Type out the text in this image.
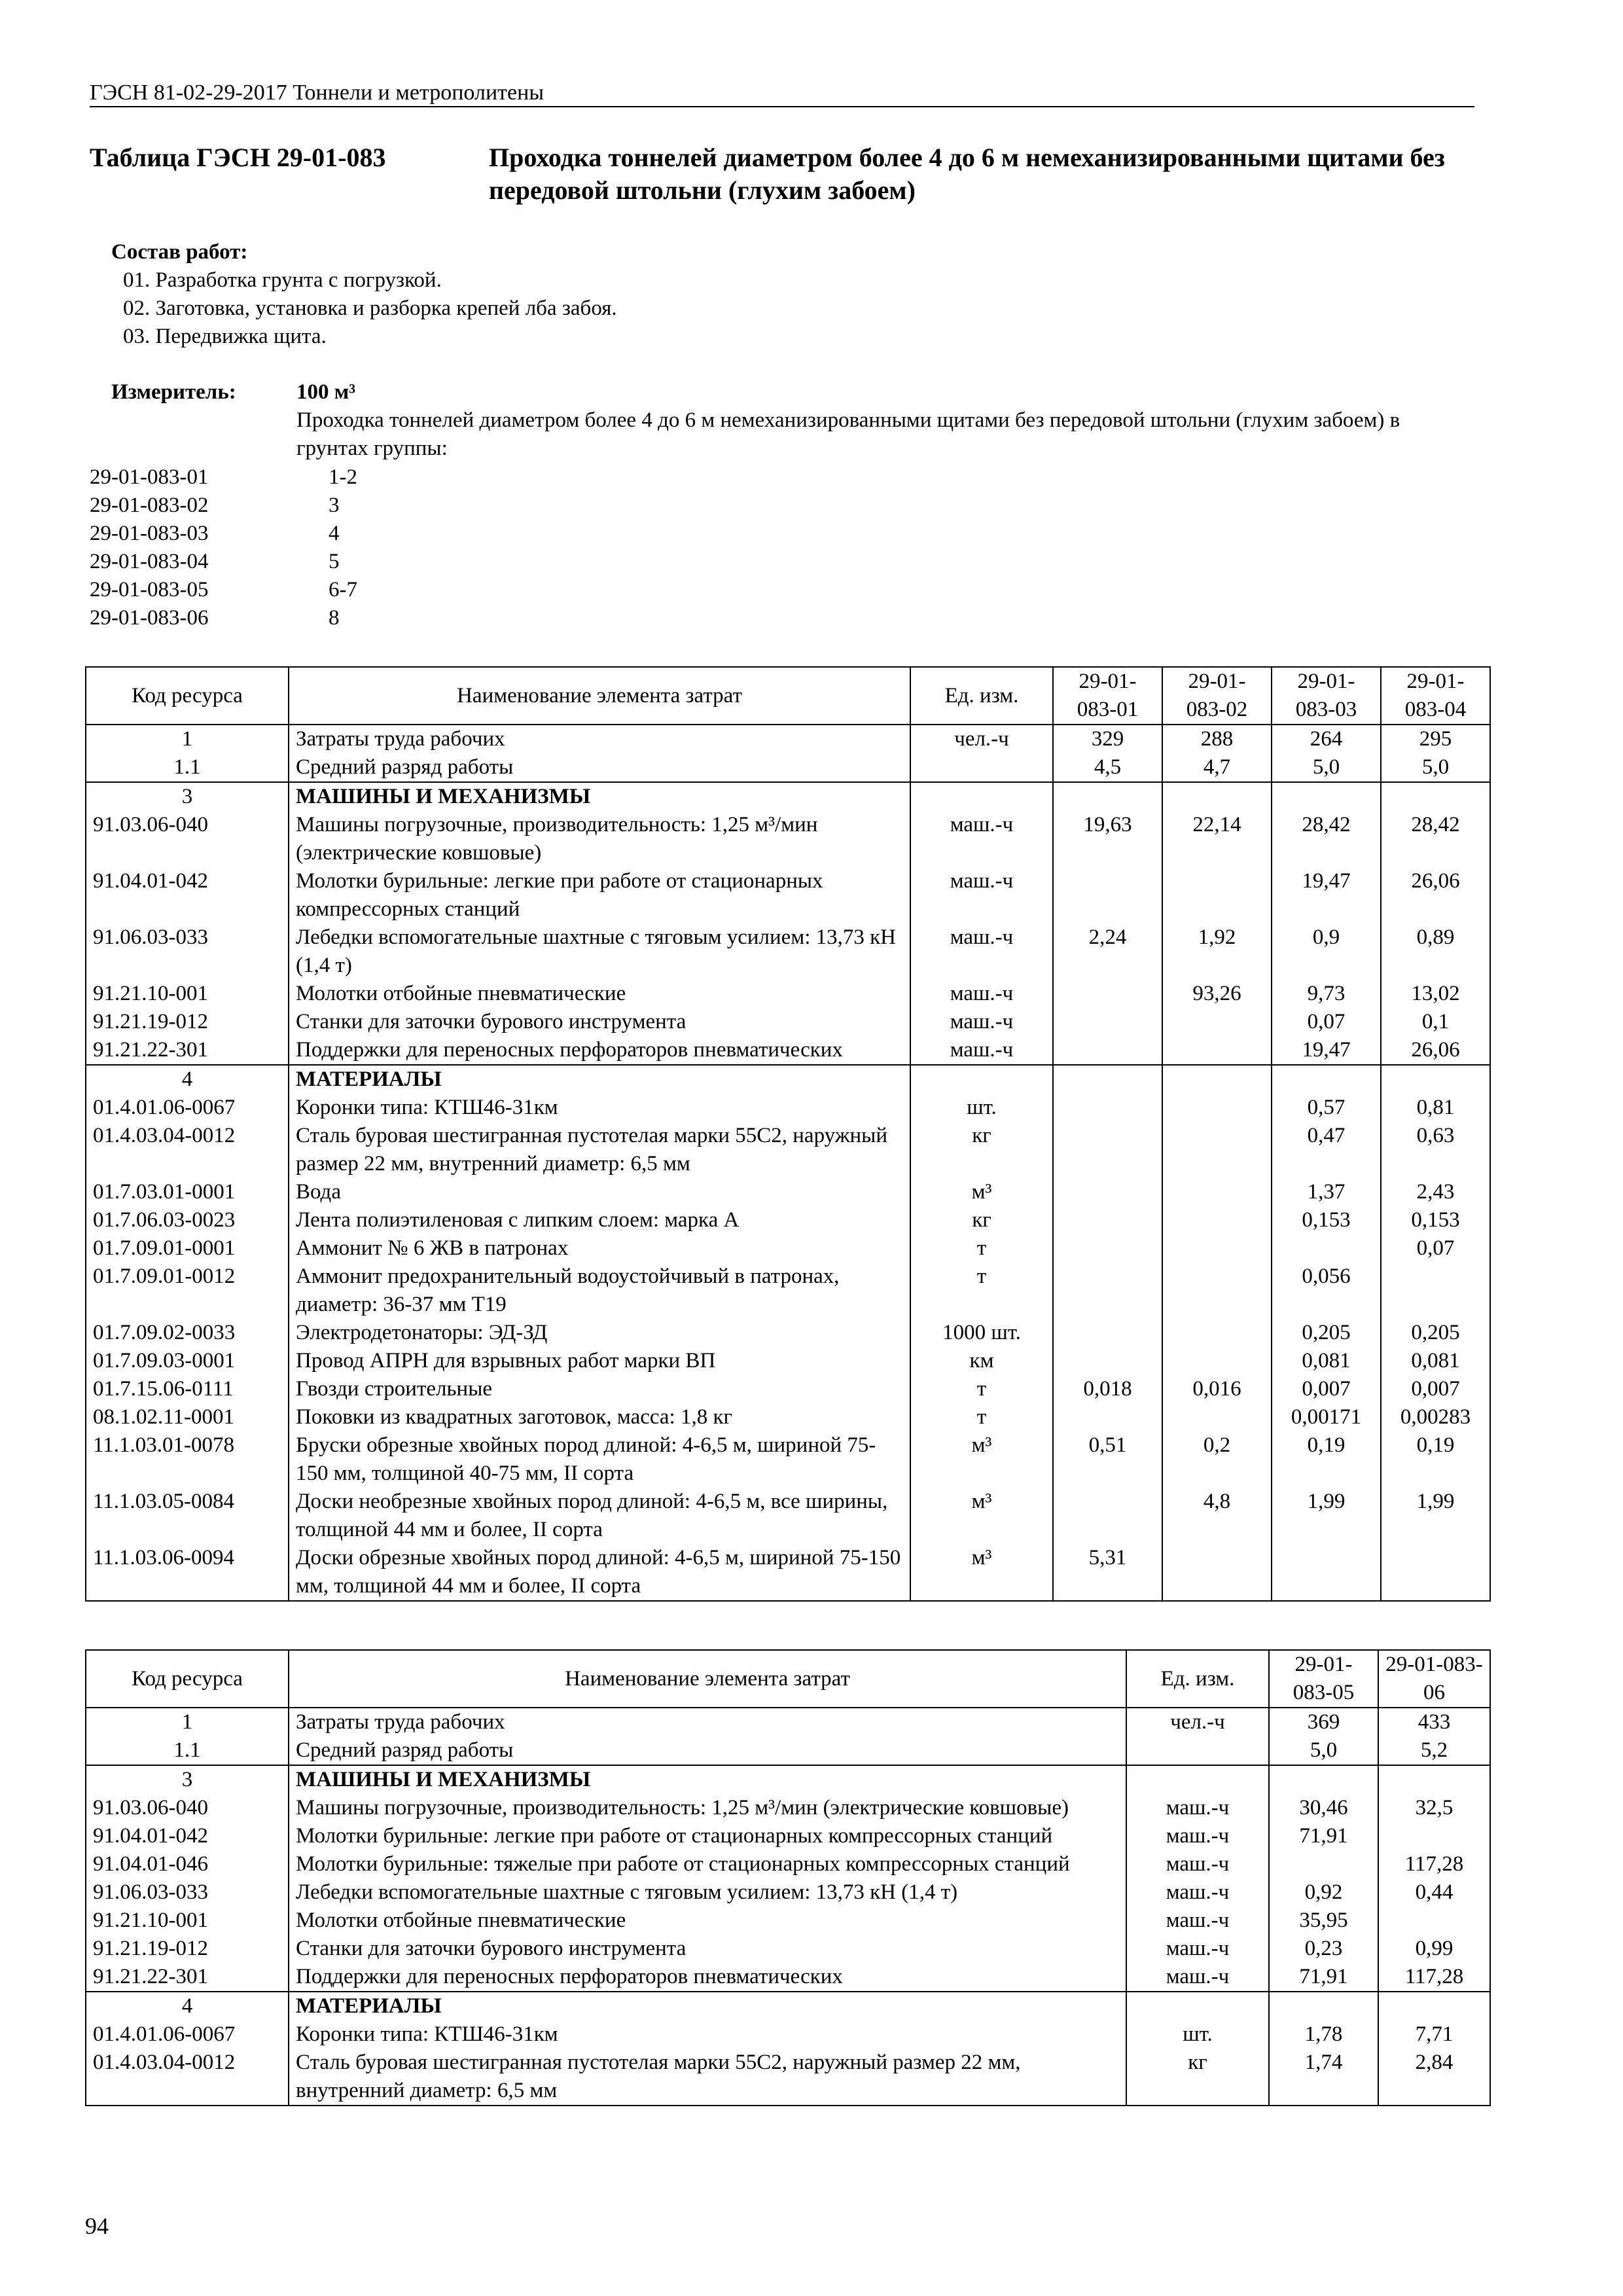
ГЭСН 81-02-29-2017 Тоннели и метрополитены
Таблица ГЭСН 29-01-083	Проходка тоннелей диаметром более 4 до 6 м немеханизированными щитами без передовой штольни (глухим забоем)
Состав работ:
01. Разработка грунта с погрузкой.
02. Заготовка, установка и разборка крепей лба забоя.
03. Передвижка щита.
Измеритель:	100 м³
Проходка тоннелей диаметром более 4 до 6 м немеханизированными щитами без передовой штольни (глухим забоем) в грунтах группы:
29-01-083-01	1-2
29-01-083-02	3
29-01-083-03	4
29-01-083-04	5
29-01-083-05	6-7
29-01-083-06	8
Код ресурса	Наименование элемента затрат	Ед. изм.	29-01-083-01	29-01-083-02	29-01-083-03	29-01-083-04
1	Затраты труда рабочих	чел.-ч	329	288	264	295
1.1	Средний разряд работы		4,5	4,7	5,0	5,0
3	МАШИНЫ И МЕХАНИЗМЫ					
91.03.06-040	Машины погрузочные, производительность: 1,25 м³/мин (электрические ковшовые)	маш.-ч	19,63	22,14	28,42	28,42
91.04.01-042	Молотки бурильные: легкие при работе от стационарных компрессорных станций	маш.-ч			19,47	26,06
91.06.03-033	Лебедки вспомогательные шахтные с тяговым усилием: 13,73 кН (1,4 т)	маш.-ч	2,24	1,92	0,9	0,89
91.21.10-001	Молотки отбойные пневматические	маш.-ч		93,26	9,73	13,02
91.21.19-012	Станки для заточки бурового инструмента	маш.-ч			0,07	0,1
91.21.22-301	Поддержки для переносных перфораторов пневматических	маш.-ч			19,47	26,06
4	МАТЕРИАЛЫ					
01.4.01.06-0067	Коронки типа: КТШ46-31км	шт.			0,57	0,81
01.4.03.04-0012	Сталь буровая шестигранная пустотелая марки 55С2, наружный размер 22 мм, внутренний диаметр: 6,5 мм	кг			0,47	0,63
01.7.03.01-0001	Вода	м³			1,37	2,43
01.7.06.03-0023	Лента полиэтиленовая с липким слоем: марка А	кг			0,153	0,153
01.7.09.01-0001	Аммонит № 6 ЖВ в патронах	т				0,07
01.7.09.01-0012	Аммонит предохранительный водоустойчивый в патронах, диаметр: 36-37 мм Т19	т			0,056	
01.7.09.02-0033	Электродетонаторы: ЭД-ЗД	1000 шт.			0,205	0,205
01.7.09.03-0001	Провод АПРН для взрывных работ марки ВП	км			0,081	0,081
01.7.15.06-0111	Гвозди строительные	т	0,018	0,016	0,007	0,007
08.1.02.11-0001	Поковки из квадратных заготовок, масса: 1,8 кг	т			0,00171	0,00283
11.1.03.01-0078	Бруски обрезные хвойных пород длиной: 4-6,5 м, шириной 75-150 мм, толщиной 40-75 мм, II сорта	м³	0,51	0,2	0,19	0,19
11.1.03.05-0084	Доски необрезные хвойных пород длиной: 4-6,5 м, все ширины, толщиной 44 мм и более, II сорта	м³		4,8	1,99	1,99
11.1.03.06-0094	Доски обрезные хвойных пород длиной: 4-6,5 м, шириной 75-150 мм, толщиной 44 мм и более, II сорта	м³	5,31			
Код ресурса	Наименование элемента затрат	Ед. изм.	29-01-083-05	29-01-083-06
1	Затраты труда рабочих	чел.-ч	369	433
1.1	Средний разряд работы		5,0	5,2
3	МАШИНЫ И МЕХАНИЗМЫ			
91.03.06-040	Машины погрузочные, производительность: 1,25 м³/мин (электрические ковшовые)	маш.-ч	30,46	32,5
91.04.01-042	Молотки бурильные: легкие при работе от стационарных компрессорных станций	маш.-ч	71,91	
91.04.01-046	Молотки бурильные: тяжелые при работе от стационарных компрессорных станций	маш.-ч		117,28
91.06.03-033	Лебедки вспомогательные шахтные с тяговым усилием: 13,73 кН (1,4 т)	маш.-ч	0,92	0,44
91.21.10-001	Молотки отбойные пневматические	маш.-ч	35,95	
91.21.19-012	Станки для заточки бурового инструмента	маш.-ч	0,23	0,99
91.21.22-301	Поддержки для переносных перфораторов пневматических	маш.-ч	71,91	117,28
4	МАТЕРИАЛЫ			
01.4.01.06-0067	Коронки типа: КТШ46-31км	шт.	1,78	7,71
01.4.03.04-0012	Сталь буровая шестигранная пустотелая марки 55С2, наружный размер 22 мм, внутренний диаметр: 6,5 мм	кг	1,74	2,84
94
